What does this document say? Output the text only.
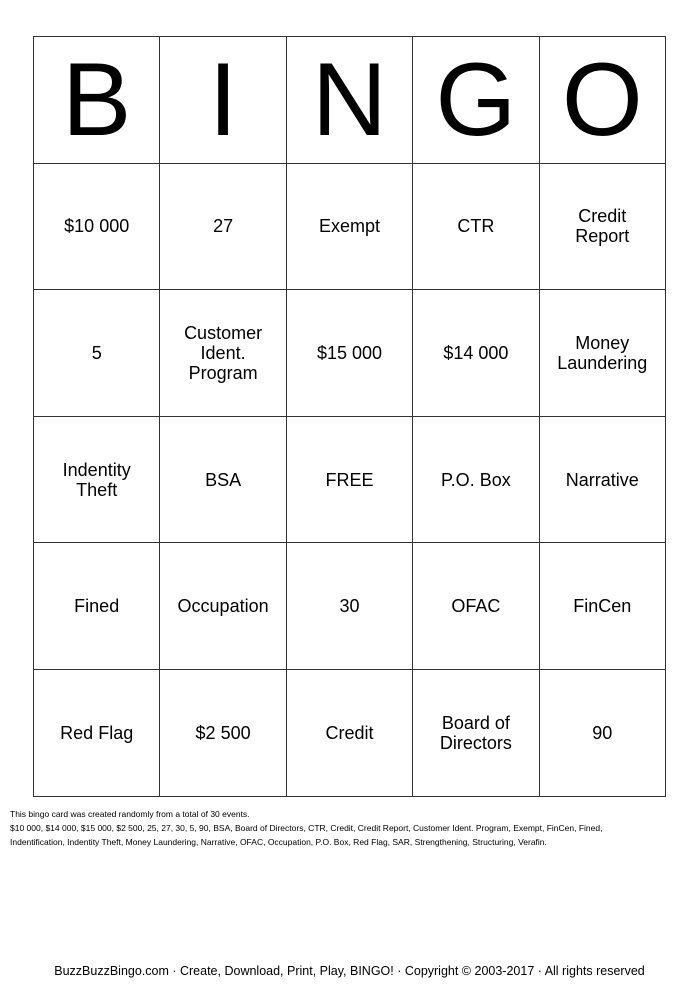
B	I	N	G	O
$10 000	27	Exempt	CTR	Credit Report
5	Customer Ident. Program	$15 000	$14 000	Money Laundering
Indentity Theft	BSA	FREE	P.O. Box	Narrative
Fined	Occupation	30	OFAC	FinCen
Red Flag	$2 500	Credit	Board of Directors	90
This bingo card was created randomly from a total of 30 events.
$10 000, $14 000, $15 000, $2 500, 25, 27, 30, 5, 90, BSA, Board of Directors, CTR, Credit, Credit Report, Customer Ident. Program, Exempt, FinCen, Fined,
Indentification, Indentity Theft, Money Laundering, Narrative, OFAC, Occupation, P.O. Box, Red Flag, SAR, Strengthening, Structuring, Verafin.
BuzzBuzzBingo.com · Create, Download, Print, Play, BINGO! · Copyright © 2003-2017 · All rights reserved
